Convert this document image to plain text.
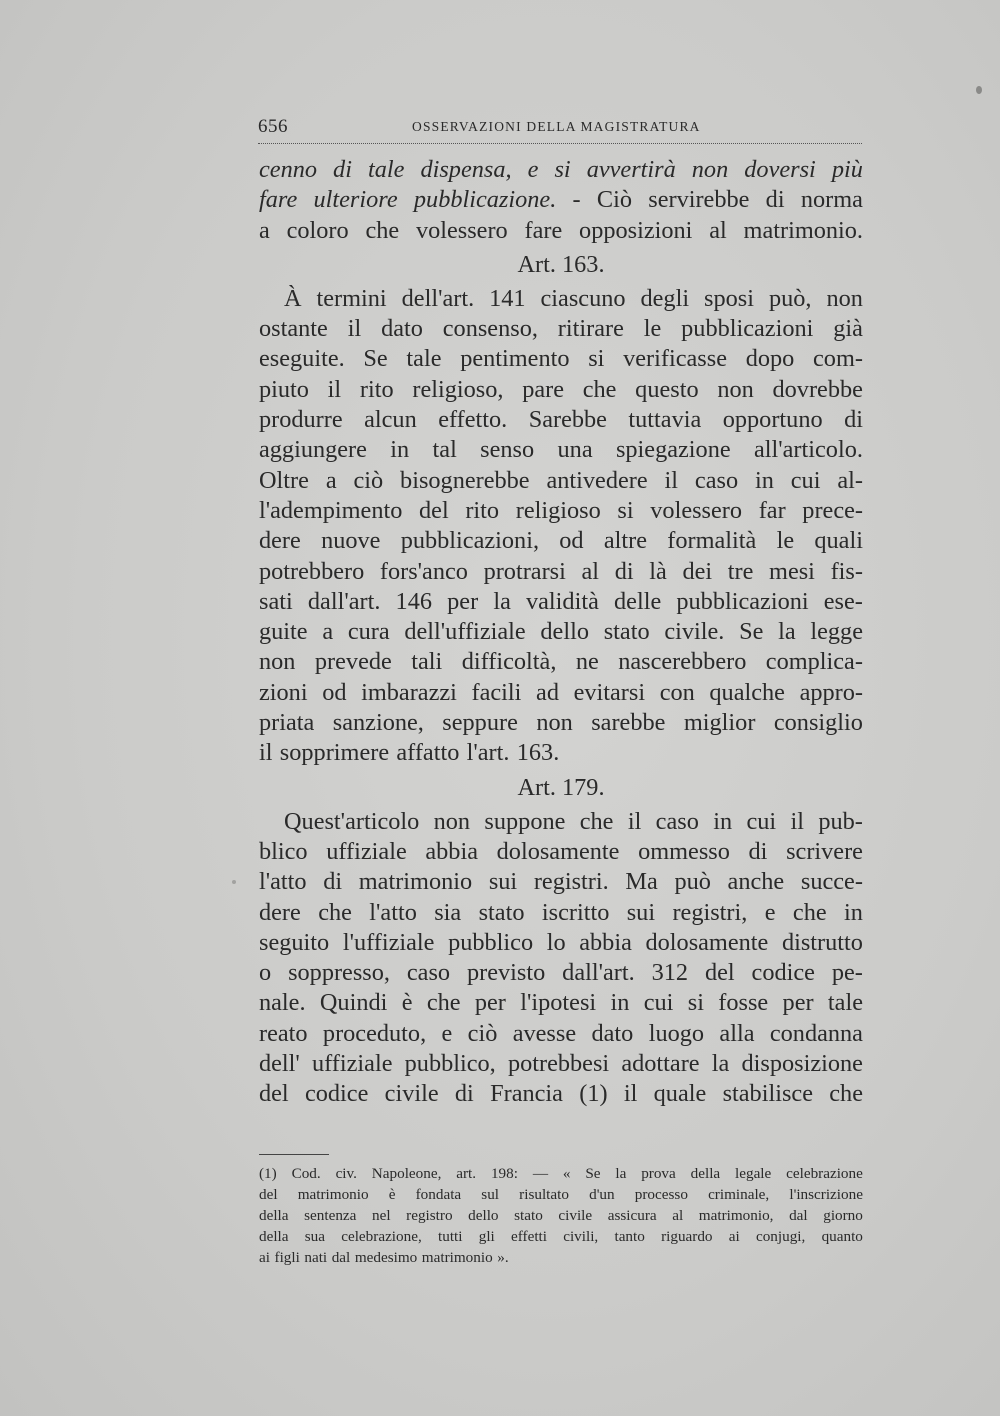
656	OSSERVAZIONI DELLA MAGISTRATURA
cenno di tale dispensa, e si avvertirà non doversi più
fare ulteriore pubblicazione. - Ciò servirebbe di norma
a coloro che volessero fare opposizioni al matrimonio.
Art. 163.
À termini dell'art. 141 ciascuno degli sposi può, non
ostante il dato consenso, ritirare le pubblicazioni già
eseguite. Se tale pentimento si verificasse dopo com-
piuto il rito religioso, pare che questo non dovrebbe
produrre alcun effetto. Sarebbe tuttavia opportuno di
aggiungere in tal senso una spiegazione all'articolo.
Oltre a ciò bisognerebbe antivedere il caso in cui al-
l'adempimento del rito religioso si volessero far prece-
dere nuove pubblicazioni, od altre formalità le quali
potrebbero fors'anco protrarsi al di là dei tre mesi fis-
sati dall'art. 146 per la validità delle pubblicazioni ese-
guite a cura dell'uffiziale dello stato civile. Se la legge
non prevede tali difficoltà, ne nascerebbero complica-
zioni od imbarazzi facili ad evitarsi con qualche appro-
priata sanzione, seppure non sarebbe miglior consiglio
il sopprimere affatto l'art. 163.
Art. 179.
Quest'articolo non suppone che il caso in cui il pub-
blico uffiziale abbia dolosamente ommesso di scrivere
l'atto di matrimonio sui registri. Ma può anche succe-
dere che l'atto sia stato iscritto sui registri, e che in
seguito l'uffiziale pubblico lo abbia dolosamente distrutto
o soppresso, caso previsto dall'art. 312 del codice pe-
nale. Quindi è che per l'ipotesi in cui si fosse per tale
reato proceduto, e ciò avesse dato luogo alla condanna
dell' uffiziale pubblico, potrebbesi adottare la disposizione
del codice civile di Francia (1) il quale stabilisce che
(1) Cod. civ. Napoleone, art. 198: — « Se la prova della legale celebrazione
del matrimonio è fondata sul risultato d'un processo criminale, l'inscrizione
della sentenza nel registro dello stato civile assicura al matrimonio, dal giorno
della sua celebrazione, tutti gli effetti civili, tanto riguardo ai conjugi, quanto
ai figli nati dal medesimo matrimonio ».
